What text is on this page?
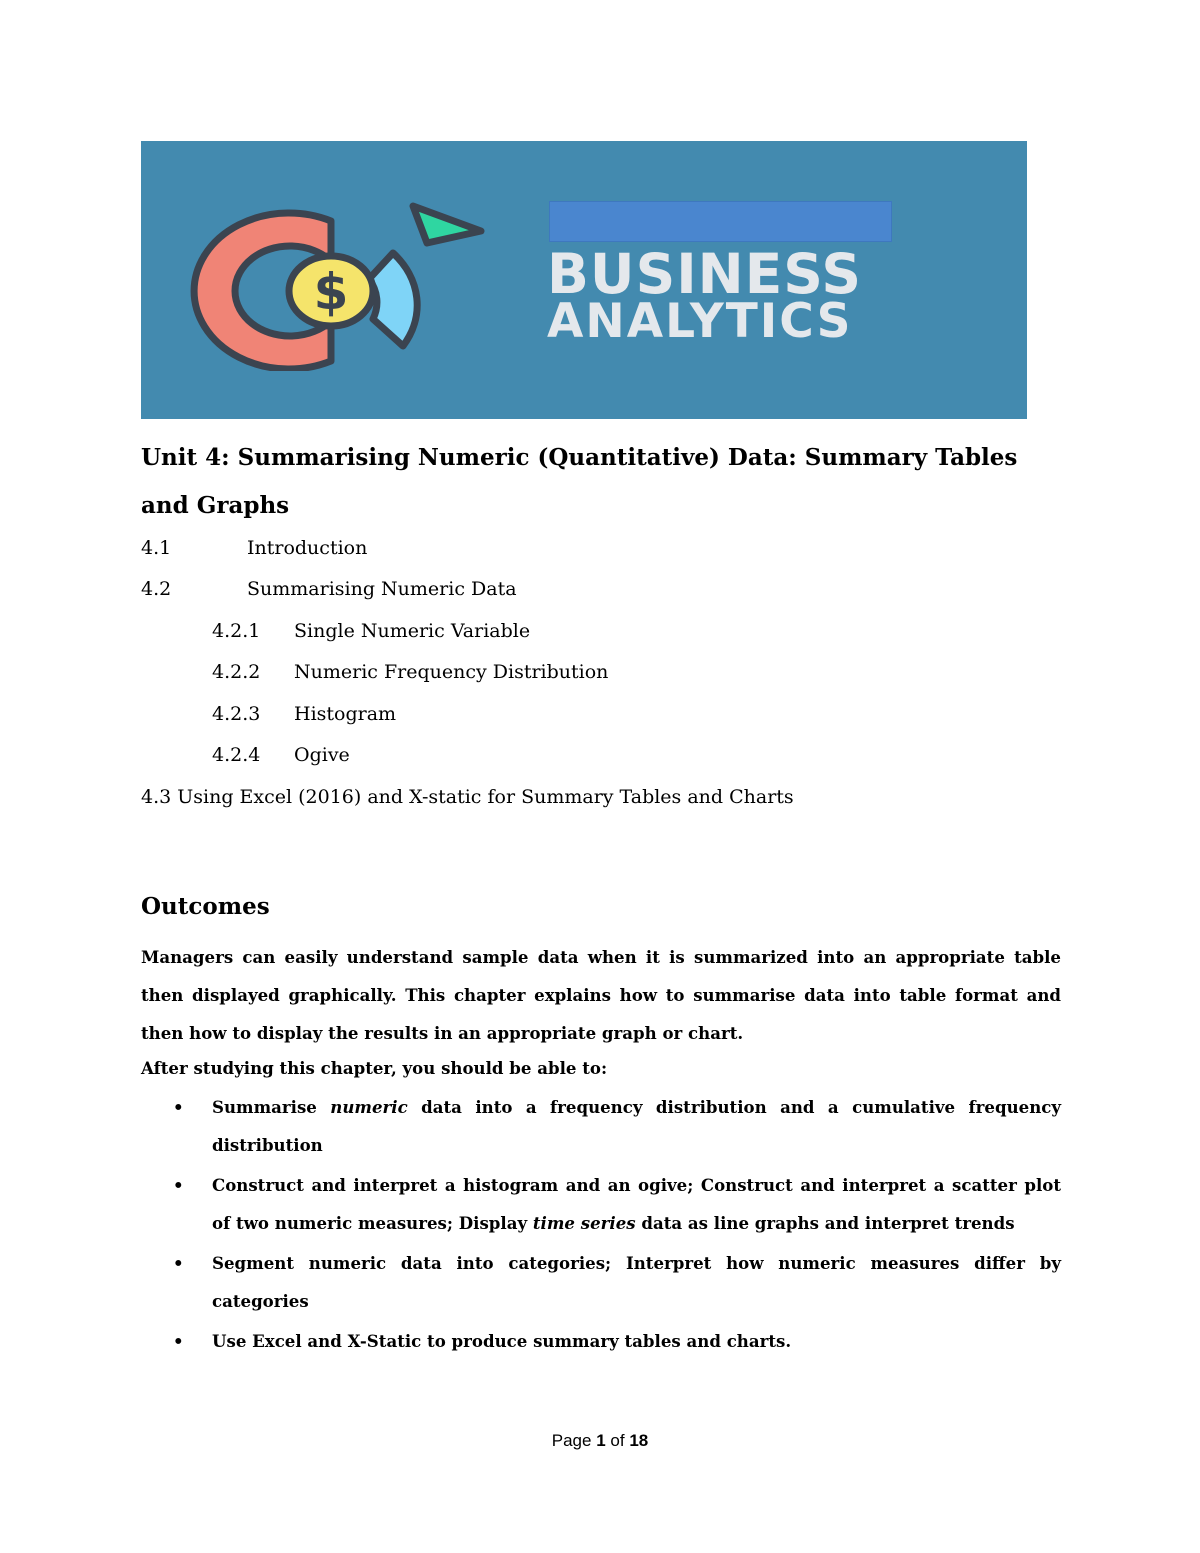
$	BUSINESS
ANALYTICS
Unit 4: Summarising Numeric (Quantitative) Data: Summary Tables and Graphs
4.1	Introduction
4.2	Summarising Numeric Data
4.2.1 Single Numeric Variable
4.2.2 Numeric Frequency Distribution
4.2.3 Histogram
4.2.4 Ogive
4.3 Using Excel (2016) and X-static for Summary Tables and Charts
Outcomes
Managers can easily understand sample data when it is summarized into an appropriate table then displayed graphically. This chapter explains how to summarise data into table format and then how to display the results in an appropriate graph or chart.
After studying this chapter, you should be able to:
• Summarise numeric data into a frequency distribution and a cumulative frequency distribution
• Construct and interpret a histogram and an ogive; Construct and interpret a scatter plot of two numeric measures; Display time series data as line graphs and interpret trends
• Segment numeric data into categories; Interpret how numeric measures differ by categories
• Use Excel and X-Static to produce summary tables and charts.
Page 1 of 18
